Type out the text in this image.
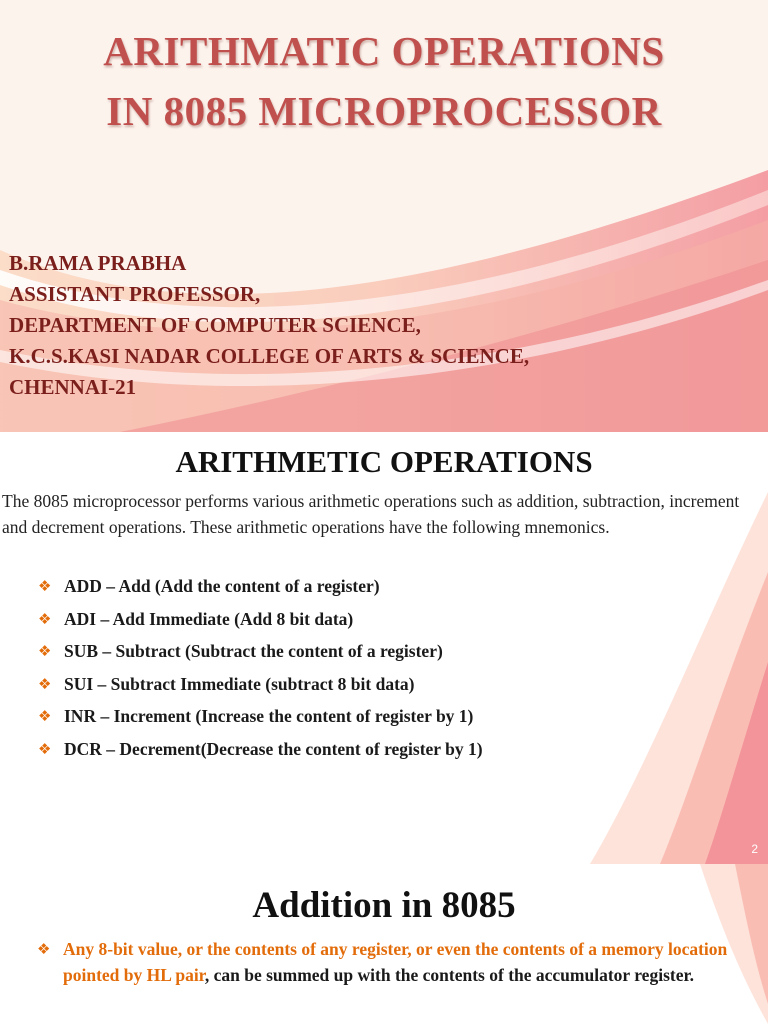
ARITHMATIC OPERATIONS
IN 8085 MICROPROCESSOR
B.RAMA PRABHA
ASSISTANT PROFESSOR,
DEPARTMENT OF COMPUTER SCIENCE,
K.C.S.KASI NADAR COLLEGE OF ARTS & SCIENCE,
CHENNAI-21
ARITHMETIC OPERATIONS
The 8085 microprocessor performs various arithmetic operations such as addition, subtraction, increment and decrement operations. These arithmetic operations have the following mnemonics.
❖ ADD – Add (Add the content of a register)
❖ ADI – Add Immediate (Add 8 bit data)
❖ SUB – Subtract (Subtract the content of a register)
❖ SUI – Subtract Immediate (subtract 8 bit data)
❖ INR – Increment (Increase the content of register by 1)
❖ DCR – Decrement(Decrease the content of register by 1)
2
Addition in 8085
❖ Any 8-bit value, or the contents of any register, or even the contents of a memory location pointed by HL pair, can be summed up with the contents of the accumulator register.
